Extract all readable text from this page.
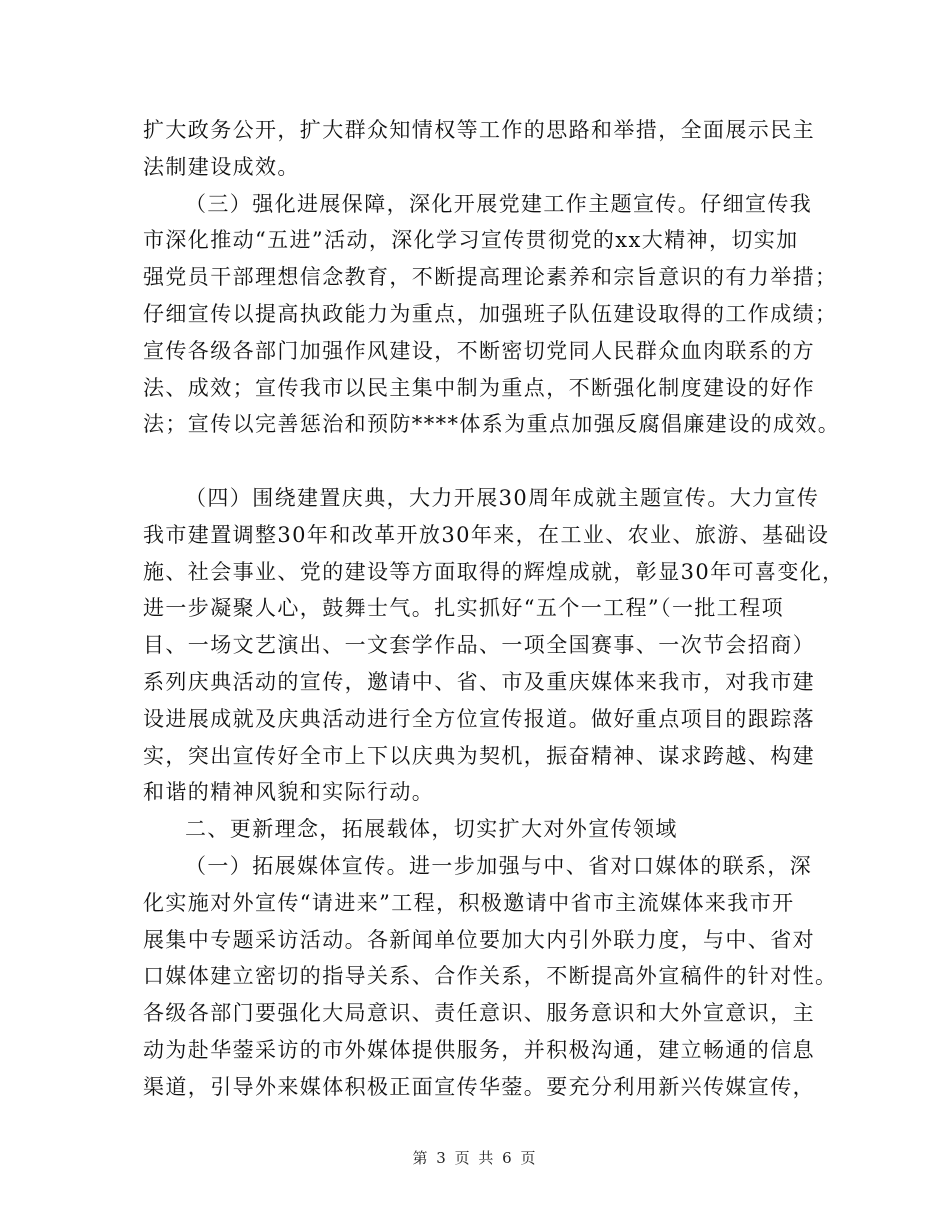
扩大政务公开，扩大群众知情权等工作的思路和举措，全面展示民主
法制建设成效。
（三）强化进展保障，深化开展党建工作主题宣传。仔细宣传我
市深化推动“五进”活动，深化学习宣传贯彻党的xx大精神，切实加
强党员干部理想信念教育，不断提高理论素养和宗旨意识的有力举措；
仔细宣传以提高执政能力为重点，加强班子队伍建设取得的工作成绩；
宣传各级各部门加强作风建设，不断密切党同人民群众血肉联系的方
法、成效；宣传我市以民主集中制为重点，不断强化制度建设的好作
法；宣传以完善惩治和预防****体系为重点加强反腐倡廉建设的成效。
（四）围绕建置庆典，大力开展30周年成就主题宣传。大力宣传
我市建置调整30年和改革开放30年来，在工业、农业、旅游、基础设
施、社会事业、党的建设等方面取得的辉煌成就，彰显30年可喜变化，
进一步凝聚人心，鼓舞士气。扎实抓好“五个一工程”（一批工程项
目、一场文艺演出、一文套学作品、一项全国赛事、一次节会招商）
系列庆典活动的宣传，邀请中、省、市及重庆媒体来我市，对我市建
设进展成就及庆典活动进行全方位宣传报道。做好重点项目的跟踪落
实，突出宣传好全市上下以庆典为契机，振奋精神、谋求跨越、构建
和谐的精神风貌和实际行动。
二、更新理念，拓展载体，切实扩大对外宣传领域
（一）拓展媒体宣传。进一步加强与中、省对口媒体的联系，深
化实施对外宣传“请进来”工程，积极邀请中省市主流媒体来我市开
展集中专题采访活动。各新闻单位要加大内引外联力度，与中、省对
口媒体建立密切的指导关系、合作关系，不断提高外宣稿件的针对性。
各级各部门要强化大局意识、责任意识、服务意识和大外宣意识，主
动为赴华蓥采访的市外媒体提供服务，并积极沟通，建立畅通的信息
渠道，引导外来媒体积极正面宣传华蓥。要充分利用新兴传媒宣传，
第 3 页 共 6 页
